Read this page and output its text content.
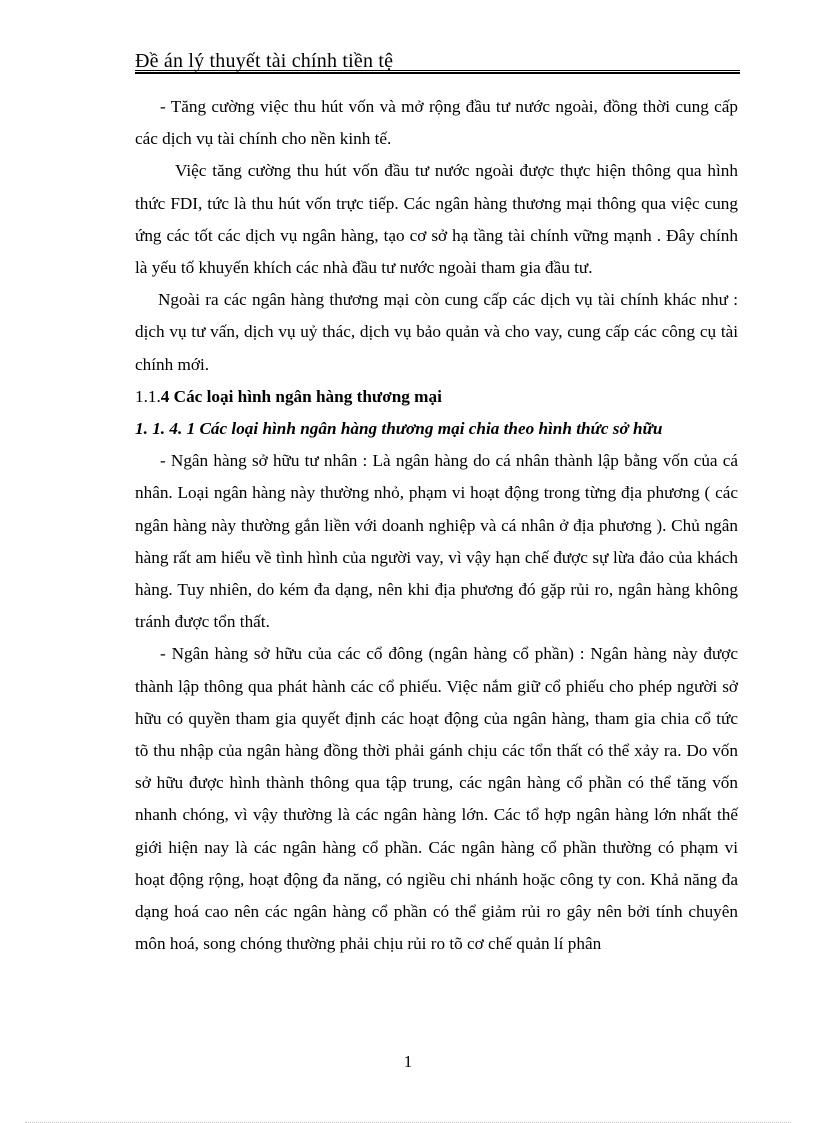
Đề án lý thuyết tài chính tiền tệ

- Tăng cường việc thu hút vốn và mở rộng đầu tư nước ngoài, đồng thời cung cấp các dịch vụ tài chính cho nền kinh tế.

Việc tăng cường thu hút vốn đầu tư nước ngoài được thực hiện thông qua hình thức FDI, tức là thu hút vốn trực tiếp. Các ngân hàng thương mại thông qua việc cung ứng các tốt các dịch vụ ngân hàng, tạo cơ sở hạ tầng tài chính vững mạnh . Đây chính là yếu tố khuyến khích các nhà đầu tư nước ngoài tham gia đầu tư.

Ngoài ra các ngân hàng thương mại còn cung cấp các dịch vụ tài chính khác như : dịch vụ tư vấn, dịch vụ uỷ thác, dịch vụ bảo quản và cho vay, cung cấp các công cụ tài chính mới.

1.1.4 Các loại hình ngân hàng thương mại

1. 1. 4. 1 Các loại hình ngân hàng thương mại chia theo hình thức sở hữu

- Ngân hàng sở hữu tư nhân : Là ngân hàng do cá nhân thành lập bằng vốn của cá nhân. Loại ngân hàng này thường nhỏ, phạm vi hoạt động trong từng địa phương ( các ngân hàng này thường gắn liền với doanh nghiệp và cá nhân ở địa phương ). Chủ ngân hàng rất am hiểu về tình hình của người vay, vì vậy hạn chế được sự lừa đảo của khách hàng. Tuy nhiên, do kém đa dạng, nên khi địa phương đó gặp rủi ro, ngân hàng không tránh được tổn thất.

- Ngân hàng sở hữu của các cổ đông (ngân hàng cổ phần) : Ngân hàng này được thành lập thông qua phát hành các cổ phiếu. Việc nắm giữ cổ phiếu cho phép người sở hữu có quyền tham gia quyết định các hoạt động của ngân hàng, tham gia chia cổ tức tõ thu nhập của ngân hàng đồng thời phải gánh chịu các tổn thất có thể xảy ra. Do vốn sở hữu được hình thành thông qua tập trung, các ngân hàng cổ phần có thể tăng vốn nhanh chóng, vì vậy thường là các ngân hàng lớn. Các tổ hợp ngân hàng lớn nhất thế giới hiện nay là các ngân hàng cổ phần. Các ngân hàng cổ phần thường có phạm vi hoạt động rộng, hoạt động đa năng, có ngiều chi nhánh hoặc công ty con. Khả năng đa dạng hoá cao nên các ngân hàng cổ phần có thể giảm rủi ro gây nên bởi tính chuyên môn hoá, song chóng thường phải chịu rủi ro tõ cơ chế quản lí phân

1
